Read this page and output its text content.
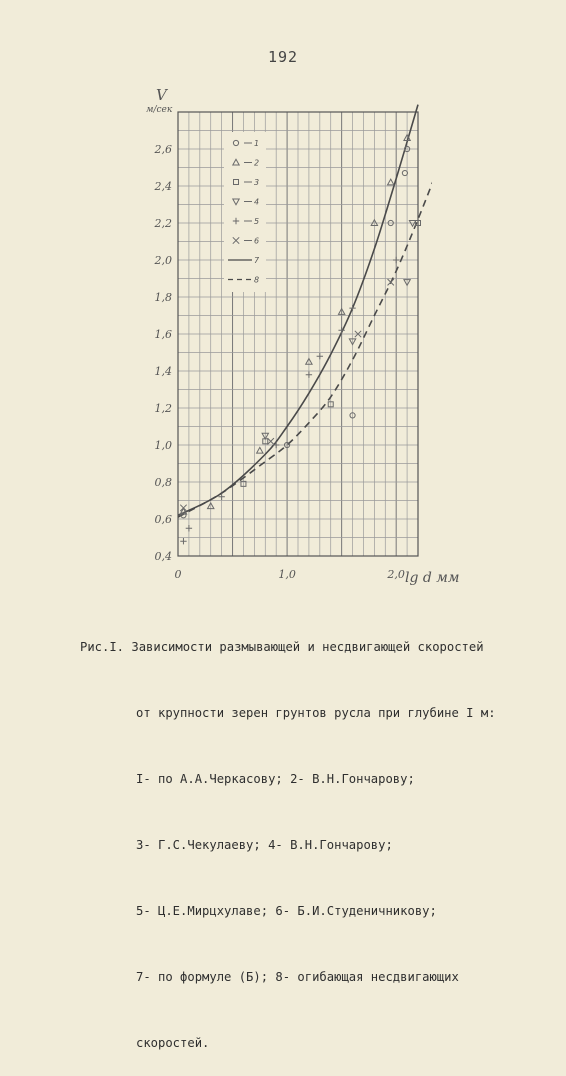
192
0,4
0,6
0,8
1,0
1,2
1,4
1,6
1,8
2,0
2,2
2,4
2,6
0	1,0	2,0
1
2
3
4
5
6
7
8
V
м/сек
lg d мм

Рис.I. Зависимости размывающей и несдвигающей скоростей

от крупности зерен грунтов русла при глубине I м:

I- по А.А.Черкасову; 2- В.Н.Гончарову;

3- Г.С.Чекулаеву; 4- В.Н.Гончарову;

5- Ц.Е.Мирцхулаве; 6- Б.И.Студеничникову;

7- по формуле (Б); 8- огибающая несдвигающих

скоростей.
